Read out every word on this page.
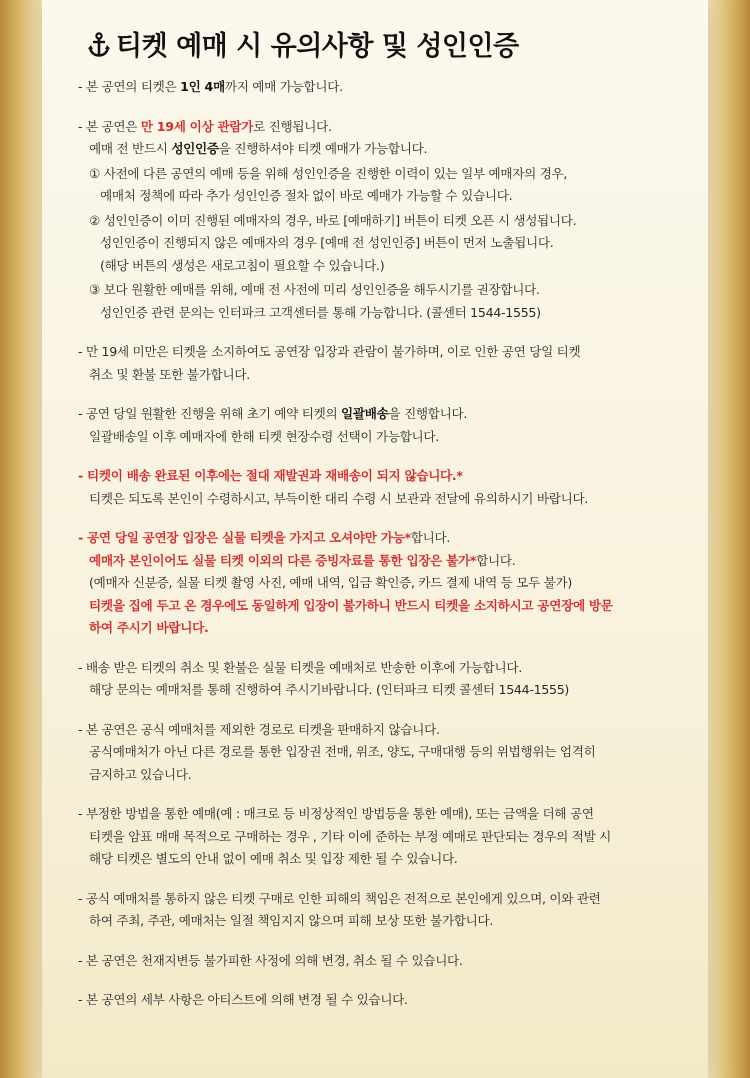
티켓 예매 시 유의사항 및 성인인증
- 본 공연의 티켓은 1인 4매까지 예매 가능합니다.
- 본 공연은 만 19세 이상 관람가로 진행됩니다.
예매 전 반드시 성인인증을 진행하셔야 티켓 예매가 가능합니다.
① 사전에 다른 공연의 예매 등을 위해 성인인증을 진행한 이력이 있는 일부 예매자의 경우,
예매처 정책에 따라 추가 성인인증 절차 없이 바로 예매가 가능할 수 있습니다.
② 성인인증이 이미 진행된 예매자의 경우, 바로 [예매하기] 버튼이 티켓 오픈 시 생성됩니다.
성인인증이 진행되지 않은 예매자의 경우 [예매 전 성인인증] 버튼이 먼저 노출됩니다.
(해당 버튼의 생성은 새로고침이 필요할 수 있습니다.)
③ 보다 원활한 예매를 위해, 예매 전 사전에 미리 성인인증을 해두시기를 권장합니다.
성인인증 관련 문의는 인터파크 고객센터를 통해 가능합니다. (콜센터 1544-1555)
- 만 19세 미만은 티켓을 소지하여도 공연장 입장과 관람이 불가하며, 이로 인한 공연 당일 티켓
취소 및 환불 또한 불가합니다.
- 공연 당일 원활한 진행을 위해 초기 예약 티켓의 일괄배송을 진행합니다.
일괄배송일 이후 예매자에 한해 티켓 현장수령 선택이 가능합니다.
- 티켓이 배송 완료된 이후에는 절대 재발권과 재배송이 되지 않습니다.*
티켓은 되도록 본인이 수령하시고, 부득이한 대리 수령 시 보관과 전달에 유의하시기 바랍니다.
- 공연 당일 공연장 입장은 실물 티켓을 가지고 오셔야만 가능*합니다.
예매자 본인이어도 실물 티켓 이외의 다른 증빙자료를 통한 입장은 불가*합니다.
(예매자 신분증, 실물 티켓 촬영 사진, 예매 내역, 입금 확인증, 카드 결제 내역 등 모두 불가)
티켓을 집에 두고 온 경우에도 동일하게 입장이 불가하니 반드시 티켓을 소지하시고 공연장에 방문
하여 주시기 바랍니다.
- 배송 받은 티켓의 취소 및 환불은 실물 티켓을 예매처로 반송한 이후에 가능합니다.
해당 문의는 예매처를 통해 진행하여 주시기바랍니다. (인터파크 티켓 콜센터 1544-1555)
- 본 공연은 공식 예매처를 제외한 경로로 티켓을 판매하지 않습니다.
공식예매처가 아닌 다른 경로를 통한 입장권 전매, 위조, 양도, 구매대행 등의 위법행위는 엄격히
금지하고 있습니다.
- 부정한 방법을 통한 예매(예 : 매크로 등 비정상적인 방법등을 통한 예매), 또는 금액을 더해 공연
티켓을 암표 매매 목적으로 구매하는 경우 , 기타 이에 준하는 부정 예매로 판단되는 경우의 적발 시
해당 티켓은 별도의 안내 없이 예매 취소 및 입장 제한 될 수 있습니다.
- 공식 예매처를 통하지 않은 티켓 구매로 인한 피해의 책임은 전적으로 본인에게 있으며, 이와 관련
하여 주최, 주관, 예매처는 일절 책임지지 않으며 피해 보상 또한 불가합니다.
- 본 공연은 천재지변등 불가피한 사정에 의해 변경, 취소 될 수 있습니다.
- 본 공연의 세부 사항은 아티스트에 의해 변경 될 수 있습니다.
